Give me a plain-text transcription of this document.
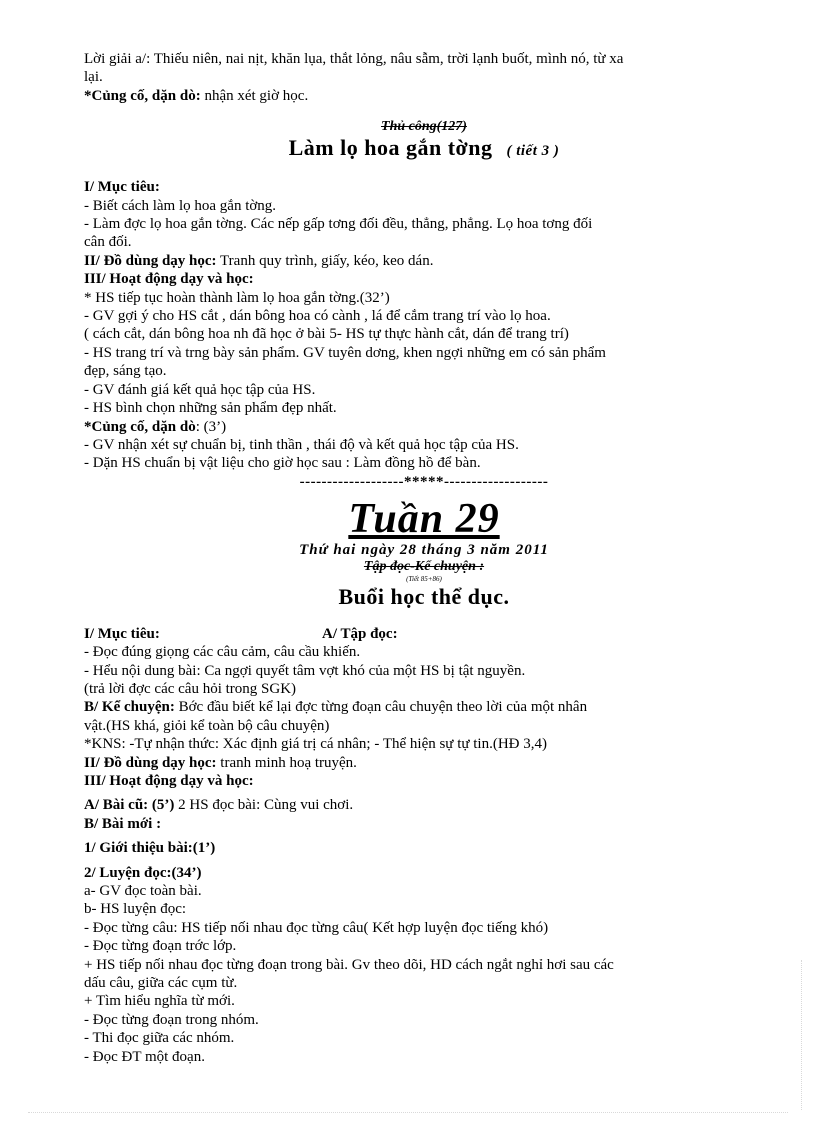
Lời giải a/: Thiếu niên, nai nịt, khăn lụa, thắt lỏng, nâu sẫm, trời lạnh buốt, mình nó, từ xa
lại.
*Củng cố, dặn dò: nhận xét giờ học.
Thủ công(127)
Làm lọ hoa gắn tờng ( tiết 3 )
I/ Mục tiêu:
- Biết cách làm lọ hoa gắn tờng.
- Làm đợc lọ hoa gắn tờng. Các nếp gấp tơng đối đều, thẳng, phẳng. Lọ hoa tơng đối
cân đối.
II/ Đồ dùng dạy học: Tranh quy trình, giấy, kéo, keo dán.
III/ Hoạt động dạy và học:
* HS tiếp tục hoàn thành làm lọ hoa gắn tờng.(32’)
- GV gợi ý cho HS cắt , dán bông hoa có cành , lá để cắm trang trí vào lọ hoa.
( cách cắt, dán bông hoa nh đã học ở bài 5- HS tự thực hành cắt, dán để trang trí)
- HS trang trí và trng bày sản phẩm. GV tuyên dơng, khen ngợi những em có sản phẩm
đẹp, sáng tạo.
- GV đánh giá kết quả học tập của HS.
- HS bình chọn những sản phẩm đẹp nhất.
*Củng cố, dặn dò: (3’)
- GV nhận xét sự chuẩn bị, tinh thần , thái độ và kết quả học tập của HS.
- Dặn HS chuẩn bị vật liệu cho giờ học sau : Làm đồng hồ để bàn.
-------------------*****-------------------
Tuần 29
Thứ hai ngày 28 tháng 3 năm 2011
Tập đọc-Kể chuyện :
(Tiết 85+86)
Buổi học thể dục.
I/ Mục tiêu:	A/ Tập đọc:
- Đọc đúng giọng các câu cảm, câu cầu khiến.
- Hểu nội dung bài: Ca ngợi quyết tâm vợt khó của một HS bị tật nguyền.
(trả lời đợc các câu hỏi trong SGK)
B/ Kể chuyện: Bớc đầu biết kể lại đợc từng đoạn câu chuyện theo lời của một nhân
vật.(HS khá, giỏi kể toàn bộ câu chuyện)
*KNS: -Tự nhận thức: Xác định giá trị cá nhân; - Thể hiện sự tự tin.(HĐ 3,4)
II/ Đồ dùng dạy học: tranh minh hoạ truyện.
III/ Hoạt động dạy và học:
A/ Bài cũ: (5’) 2 HS đọc bài: Cùng vui chơi.
B/ Bài mới :
1/ Giới thiệu bài:(1’)
2/ Luyện đọc:(34’)
a- GV đọc toàn bài.
b- HS luyện đọc:
- Đọc từng câu: HS tiếp nối nhau đọc từng câu( Kết hợp luyện đọc tiếng khó)
- Đọc từng đoạn trớc lớp.
+ HS tiếp nối nhau đọc từng đoạn trong bài. Gv theo dõi, HD cách ngắt nghỉ hơi sau các
dấu câu, giữa các cụm từ.
+ Tìm hiểu nghĩa từ mới.
- Đọc từng đoạn trong nhóm.
- Thi đọc giữa các nhóm.
- Đọc ĐT một đoạn.
